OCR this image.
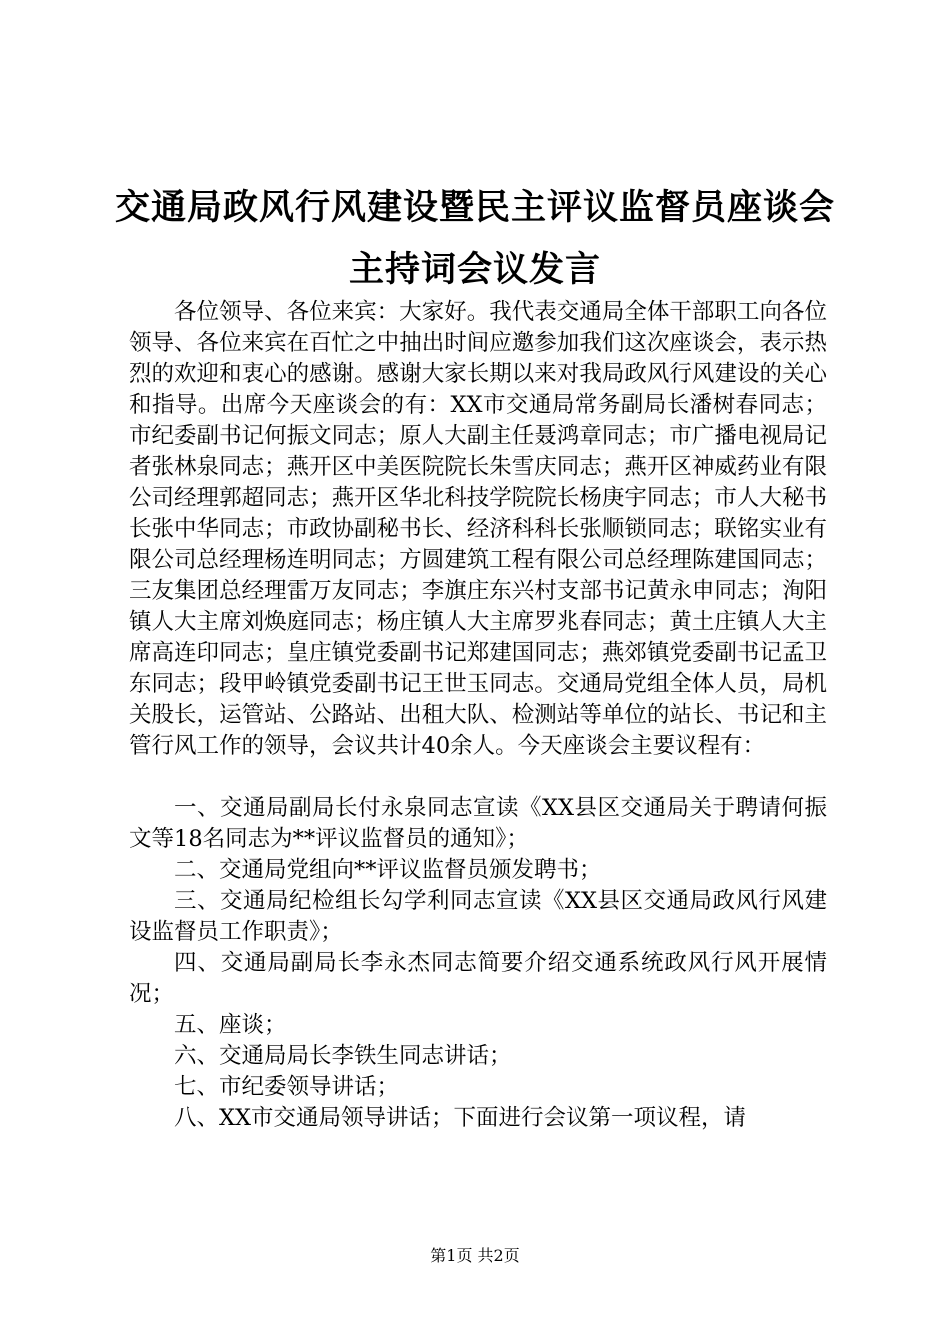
交通局政风行风建设暨民主评议监督员座谈会
主持词会议发言

各位领导、各位来宾：大家好。我代表交通局全体干部职工向各位领导、各位来宾在百忙之中抽出时间应邀参加我们这次座谈会，表示热烈的欢迎和衷心的感谢。感谢大家长期以来对我局政风行风建设的关心和指导。出席今天座谈会的有：XX市交通局常务副局长潘树春同志；市纪委副书记何振文同志；原人大副主任聂鸿章同志；市广播电视局记者张林泉同志；燕开区中美医院院长朱雪庆同志；燕开区神威药业有限公司经理郭超同志；燕开区华北科技学院院长杨庚宇同志；市人大秘书长张中华同志；市政协副秘书长、经济科科长张顺锁同志；联铭实业有限公司总经理杨连明同志；方圆建筑工程有限公司总经理陈建国同志；三友集团总经理雷万友同志；李旗庄东兴村支部书记黄永申同志；洵阳镇人大主席刘焕庭同志；杨庄镇人大主席罗兆春同志；黄土庄镇人大主席高连印同志；皇庄镇党委副书记郑建国同志；燕郊镇党委副书记孟卫东同志；段甲岭镇党委副书记王世玉同志。交通局党组全体人员，局机关股长，运管站、公路站、出租大队、检测站等单位的站长、书记和主管行风工作的领导，会议共计40余人。今天座谈会主要议程有：

一、交通局副局长付永泉同志宣读《XX县区交通局关于聘请何振文等18名同志为**评议监督员的通知》；

二、交通局党组向**评议监督员颁发聘书；

三、交通局纪检组长勾学利同志宣读《XX县区交通局政风行风建设监督员工作职责》；

四、交通局副局长李永杰同志简要介绍交通系统政风行风开展情况；

五、座谈；

六、交通局局长李铁生同志讲话；

七、市纪委领导讲话；

八、XX市交通局领导讲话；下面进行会议第一项议程，请

第1页 共2页
